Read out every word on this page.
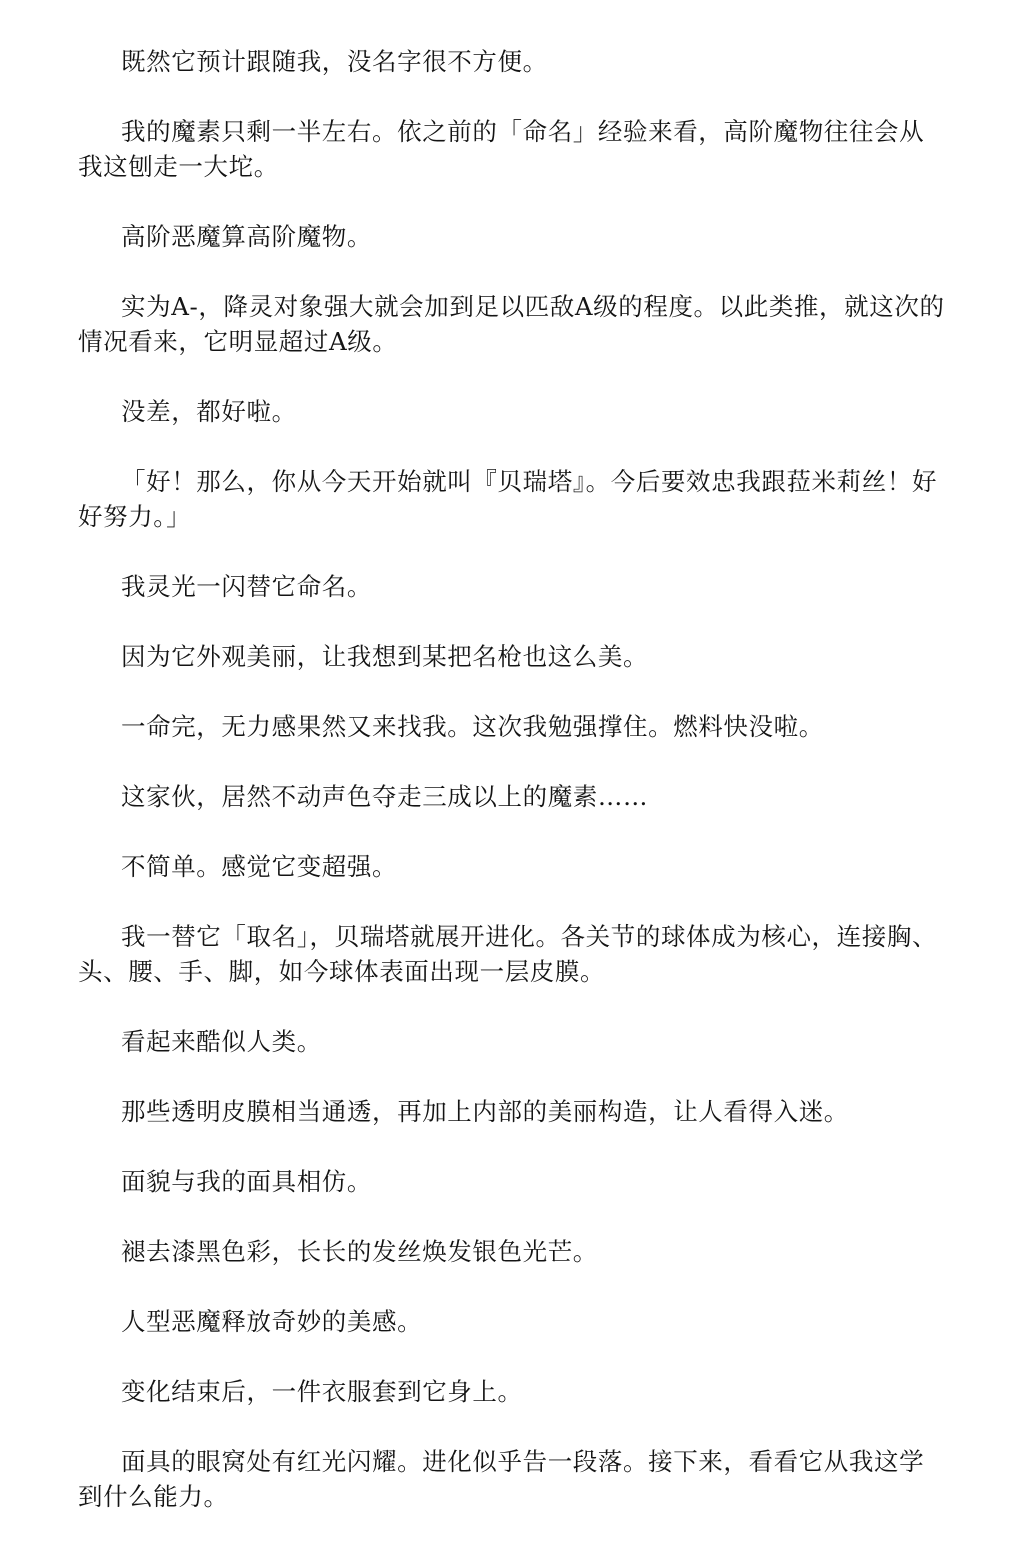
既然它预计跟随我，没名字很不方便。

我的魔素只剩一半左右。依之前的「命名」经验来看，高阶魔物往往会从我这刨走一大坨。

高阶恶魔算高阶魔物。

实为A-，降灵对象强大就会加到足以匹敌A级的程度。以此类推，就这次的情况看来，它明显超过A级。

没差，都好啦。

「好！那么，你从今天开始就叫『贝瑞塔』。今后要效忠我跟菈米莉丝！好好努力。」

我灵光一闪替它命名。

因为它外观美丽，让我想到某把名枪也这么美。

一命完，无力感果然又来找我。这次我勉强撑住。燃料快没啦。

这家伙，居然不动声色夺走三成以上的魔素……

不简单。感觉它变超强。

我一替它「取名」，贝瑞塔就展开进化。各关节的球体成为核心，连接胸、头、腰、手、脚，如今球体表面出现一层皮膜。

看起来酷似人类。

那些透明皮膜相当通透，再加上内部的美丽构造，让人看得入迷。

面貌与我的面具相仿。

褪去漆黑色彩，长长的发丝焕发银色光芒。

人型恶魔释放奇妙的美感。

变化结束后，一件衣服套到它身上。

面具的眼窝处有红光闪耀。进化似乎告一段落。接下来，看看它从我这学到什么能力。
